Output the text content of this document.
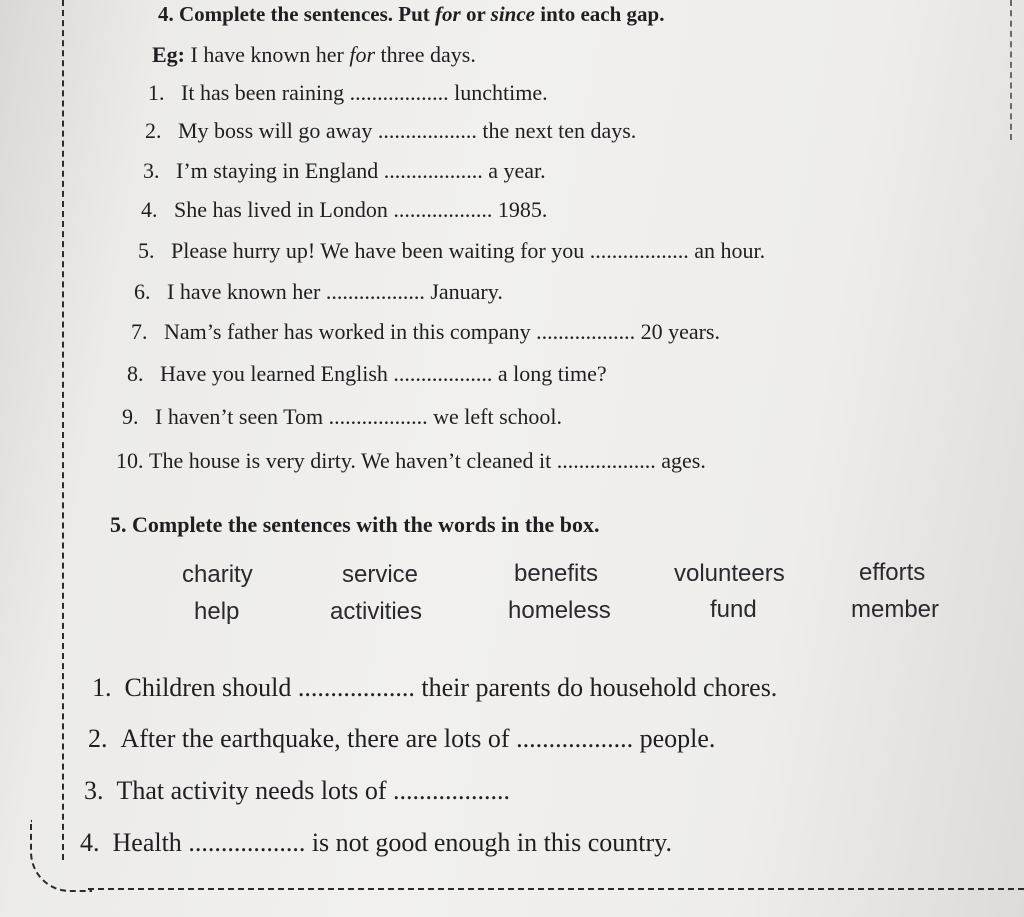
4. Complete the sentences. Put for or since into each gap.
Eg: I have known her for three days.
1. It has been raining .................. lunchtime.
2. My boss will go away .................. the next ten days.
3. I’m staying in England .................. a year.
4. She has lived in London .................. 1985.
5. Please hurry up! We have been waiting for you .................. an hour.
6. I have known her .................. January.
7. Nam’s father has worked in this company .................. 20 years.
8. Have you learned English .................. a long time?
9. I haven’t seen Tom .................. we left school.
10. The house is very dirty. We haven’t cleaned it .................. ages.
5. Complete the sentences with the words in the box.
charity	service	benefits	volunteers	efforts
help	activities	homeless	fund	member
1. Children should .................. their parents do household chores.
2. After the earthquake, there are lots of .................. people.
3. That activity needs lots of ..................
4. Health .................. is not good enough in this country.
